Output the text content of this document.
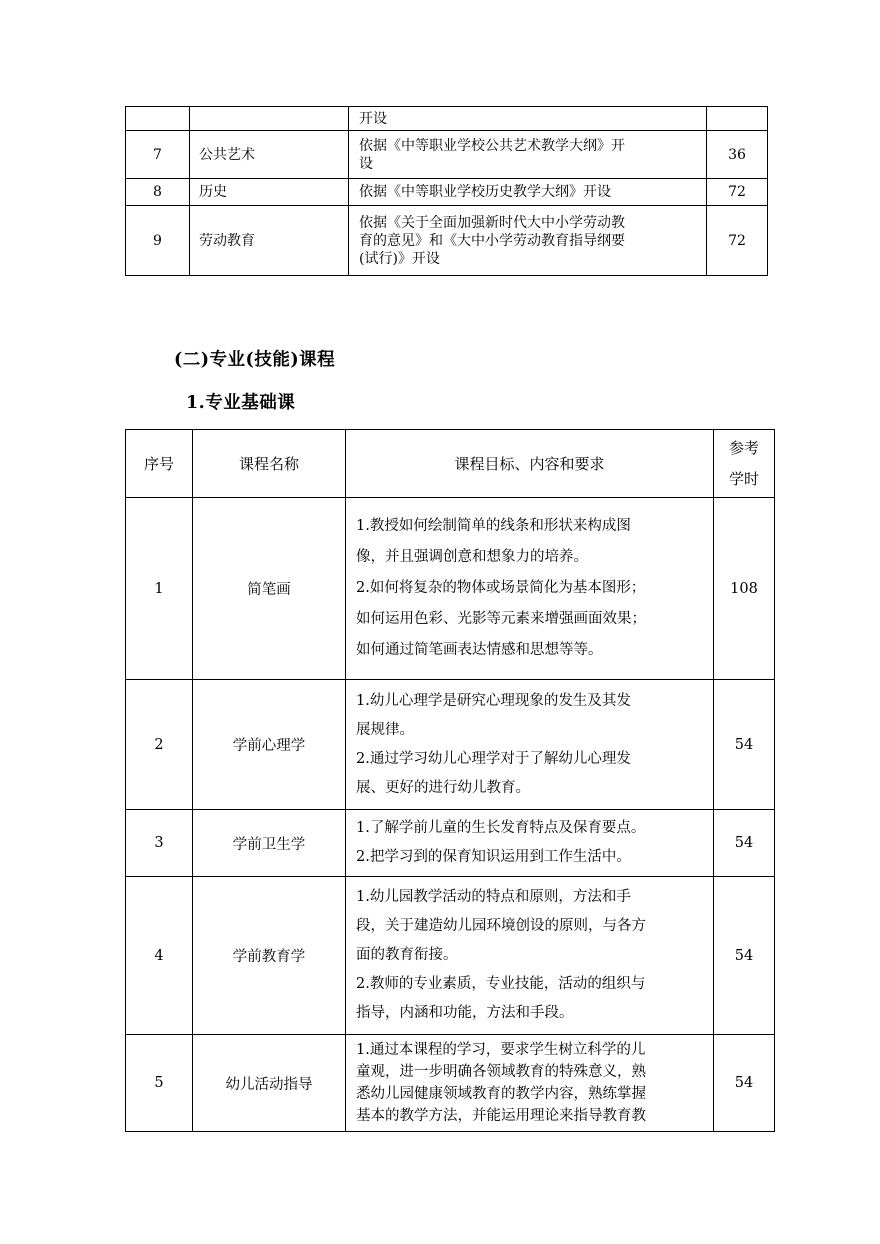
		开设	

7	公共艺术	依据《中等职业学校公共艺术教学大纲》开
设	36
8	历史	依据《中等职业学校历史教学大纲》开设	72
9	劳动教育	依据《关于全面加强新时代大中小学劳动教
育的意见》和《大中小学劳动教育指导纲要
(试行)》开设	72
(二)专业(技能)课程
1.专业基础课
序号	课程名称	课程目标、内容和要求	参考
学时

1	简笔画	1.教授如何绘制简单的线条和形状来构成图
像，并且强调创意和想象力的培养。
2.如何将复杂的物体或场景简化为基本图形；
如何运用色彩、光影等元素来增强画面效果；
如何通过简笔画表达情感和思想等等。	108
2	学前心理学	1.幼儿心理学是研究心理现象的发生及其发
展规律。
2.通过学习幼儿心理学对于了解幼儿心理发
展、更好的进行幼儿教育。	54
3	学前卫生学	1.了解学前儿童的生长发育特点及保育要点。
2.把学习到的保育知识运用到工作生活中。	54
4	学前教育学	1.幼儿园教学活动的特点和原则，方法和手
段，关于建造幼儿园环境创设的原则，与各方
面的教育衔接。
2.教师的专业素质，专业技能，活动的组织与
指导，内涵和功能，方法和手段。	54
5	幼儿活动指导	1.通过本课程的学习，要求学生树立科学的儿
童观，进一步明确各领域教育的特殊意义，熟
悉幼儿园健康领域教育的教学内容，熟练掌握
基本的教学方法，并能运用理论来指导教育教	54
